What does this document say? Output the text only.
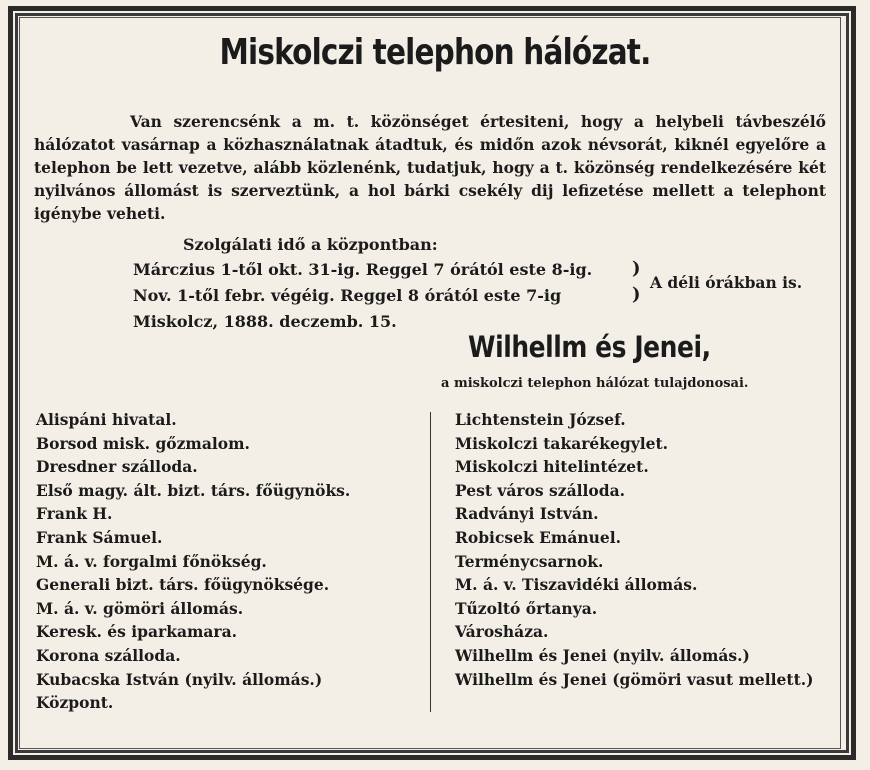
Miskolczi telephon hálózat.
Van szerencsénk a m. t. közönséget értesiteni, hogy a helybeli távbeszélő hálózatot vasárnap a közhasználatnak átadtuk, és midőn azok névsorát, kiknél egyelőre a telephon be lett vezetve, alább közlenénk, tudatjuk, hogy a t. közönség rendelkezésére két nyilvános állomást is szerveztünk, a hol bárki csekély dij lefizetése mellett a telephont igénybe veheti.
Szolgálati idő a központban:
Márczius 1-től okt. 31-ig. Reggel 7 órától este 8-ig.
Nov. 1-től febr. végéig. Reggel 8 órától este 7-ig
)
)
A déli órákban is.
Miskolcz, 1888. deczemb. 15.
Wilhellm és Jenei,
a miskolczi telephon hálózat tulajdonosai.
Alispáni hivatal.
Borsod misk. gőzmalom.
Dresdner szálloda.
Első magy. ált. bizt. társ. főügynöks.
Frank H.
Frank Sámuel.
M. á. v. forgalmi főnökség.
Generali bizt. társ. főügynöksége.
M. á. v. gömöri állomás.
Keresk. és iparkamara.
Korona szálloda.
Kubacska István (nyilv. állomás.)
Központ.
Lichtenstein József.
Miskolczi takarékegylet.
Miskolczi hitelintézet.
Pest város szálloda.
Radványi István.
Robicsek Emánuel.
Terménycsarnok.
M. á. v. Tiszavidéki állomás.
Tűzoltó őrtanya.
Városháza.
Wilhellm és Jenei (nyilv. állomás.)
Wilhellm és Jenei (gömöri vasut mellett.)
